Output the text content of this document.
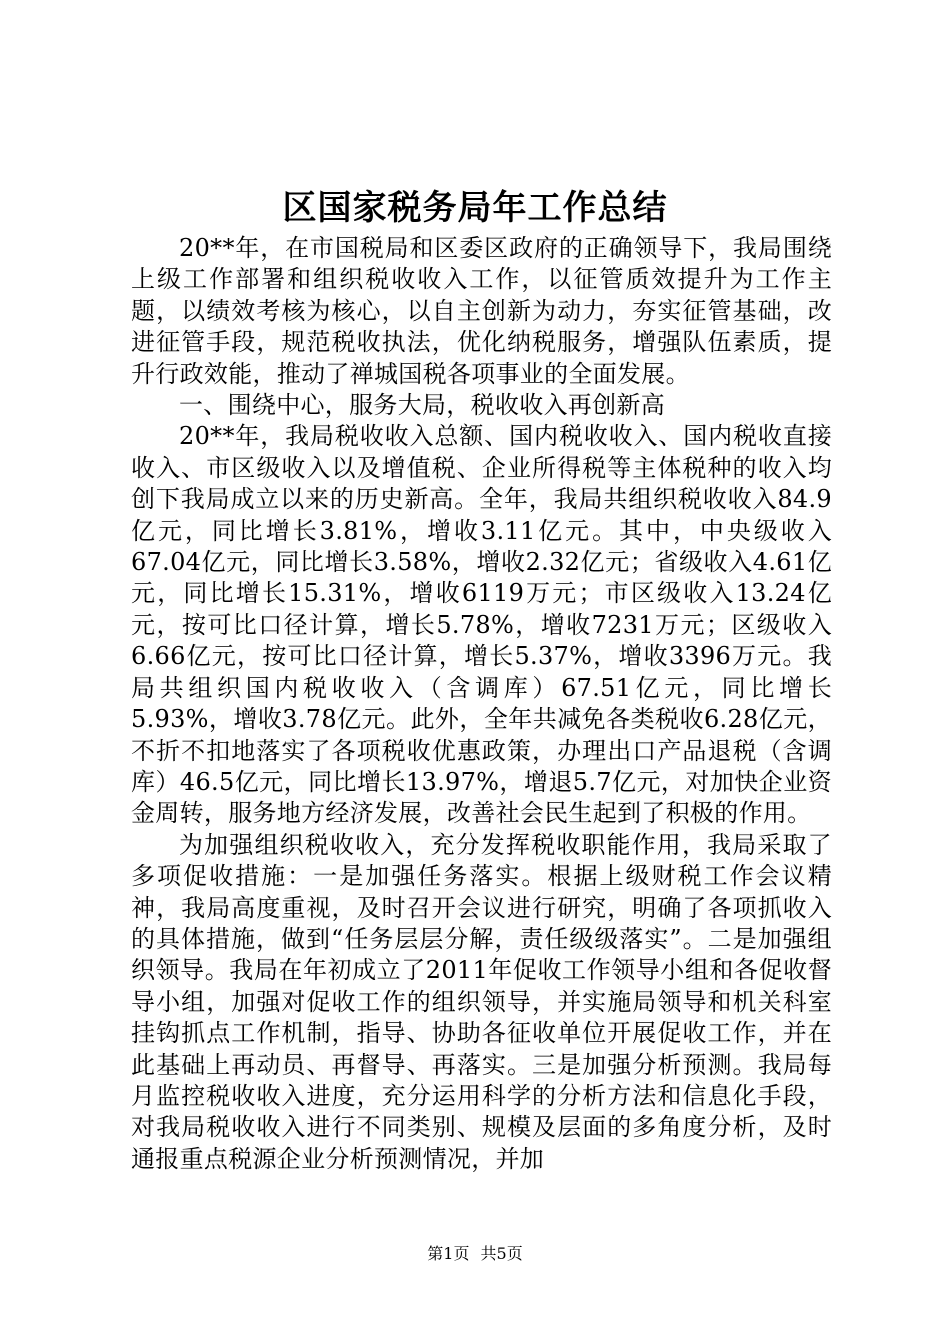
区国家税务局年工作总结

20**年，在市国税局和区委区政府的正确领导下，我局围绕上级工作部署和组织税收收入工作，以征管质效提升为工作主题，以绩效考核为核心，以自主创新为动力，夯实征管基础，改进征管手段，规范税收执法，优化纳税服务，增强队伍素质，提升行政效能，推动了禅城国税各项事业的全面发展。

一、围绕中心，服务大局，税收收入再创新高

20**年，我局税收收入总额、国内税收收入、国内税收直接收入、市区级收入以及增值税、企业所得税等主体税种的收入均创下我局成立以来的历史新高。全年，我局共组织税收收入84.9亿元，同比增长3.81%，增收3.11亿元。其中，中央级收入67.04亿元，同比增长3.58%，增收2.32亿元；省级收入4.61亿元，同比增长15.31%，增收6119万元；市区级收入13.24亿元，按可比口径计算，增长5.78%，增收7231万元；区级收入6.66亿元，按可比口径计算，增长5.37%，增收3396万元。我局共组织国内税收收入（含调库）67.51亿元，同比增长5.93%，增收3.78亿元。此外，全年共减免各类税收6.28亿元，不折不扣地落实了各项税收优惠政策，办理出口产品退税（含调库）46.5亿元，同比增长13.97%，增退5.7亿元，对加快企业资金周转，服务地方经济发展，改善社会民生起到了积极的作用。

为加强组织税收收入，充分发挥税收职能作用，我局采取了多项促收措施：一是加强任务落实。根据上级财税工作会议精神，我局高度重视，及时召开会议进行研究，明确了各项抓收入的具体措施，做到“任务层层分解，责任级级落实”。二是加强组织领导。我局在年初成立了2011年促收工作领导小组和各促收督导小组，加强对促收工作的组织领导，并实施局领导和机关科室挂钩抓点工作机制，指导、协助各征收单位开展促收工作，并在此基础上再动员、再督导、再落实。三是加强分析预测。我局每月监控税收收入进度，充分运用科学的分析方法和信息化手段，对我局税收收入进行不同类别、规模及层面的多角度分析，及时通报重点税源企业分析预测情况，并加

第1页 共5页
